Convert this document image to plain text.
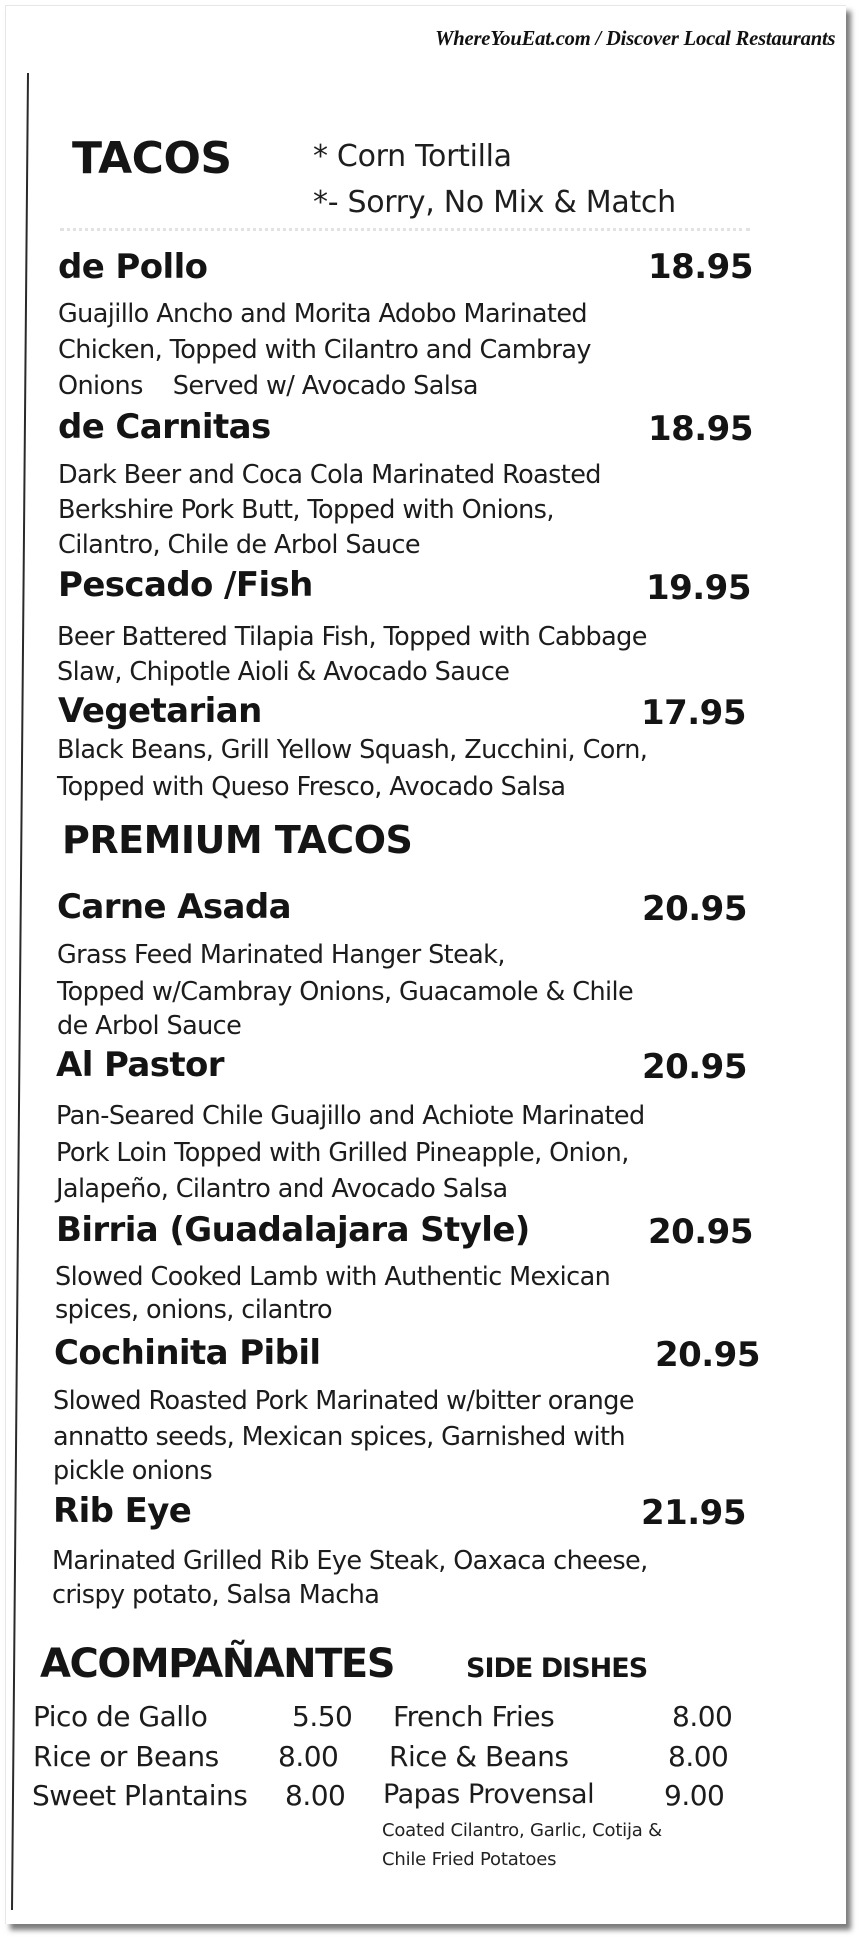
WhereYouEat.com / Discover Local Restaurants
TACOS	* Corn Tortilla
*- Sorry, No Mix & Match
de Pollo	18.95
Guajillo Ancho and Morita Adobo Marinated
Chicken, Topped with Cilantro and Cambray
Onions    Served w/ Avocado Salsa
de Carnitas	18.95
Dark Beer and Coca Cola Marinated Roasted
Berkshire Pork Butt, Topped with Onions,
Cilantro, Chile de Arbol Sauce
Pescado /Fish	19.95
Beer Battered Tilapia Fish, Topped with Cabbage
Slaw, Chipotle Aioli & Avocado Sauce
Vegetarian	17.95
Black Beans, Grill Yellow Squash, Zucchini, Corn,
Topped with Queso Fresco, Avocado Salsa
PREMIUM TACOS
Carne Asada	20.95
Grass Feed Marinated Hanger Steak,
Topped w/Cambray Onions, Guacamole & Chile
de Arbol Sauce
Al Pastor	20.95
Pan-Seared Chile Guajillo and Achiote Marinated
Pork Loin Topped with Grilled Pineapple, Onion,
Jalapeño, Cilantro and Avocado Salsa
Birria (Guadalajara Style)	20.95
Slowed Cooked Lamb with Authentic Mexican
spices, onions, cilantro
Cochinita Pibil	20.95
Slowed Roasted Pork Marinated w/bitter orange
annatto seeds, Mexican spices, Garnished with
pickle onions
Rib Eye	21.95
Marinated Grilled Rib Eye Steak, Oaxaca cheese,
crispy potato, Salsa Macha
ACOMPAÑANTES	SIDE DISHES
Pico de Gallo	5.50
Rice or Beans 8.00
Sweet Plantains 8.00
French Fries	8.00
Rice & Beans	8.00
Papas Provensal 9.00
Coated Cilantro, Garlic, Cotija &
Chile Fried Potatoes
